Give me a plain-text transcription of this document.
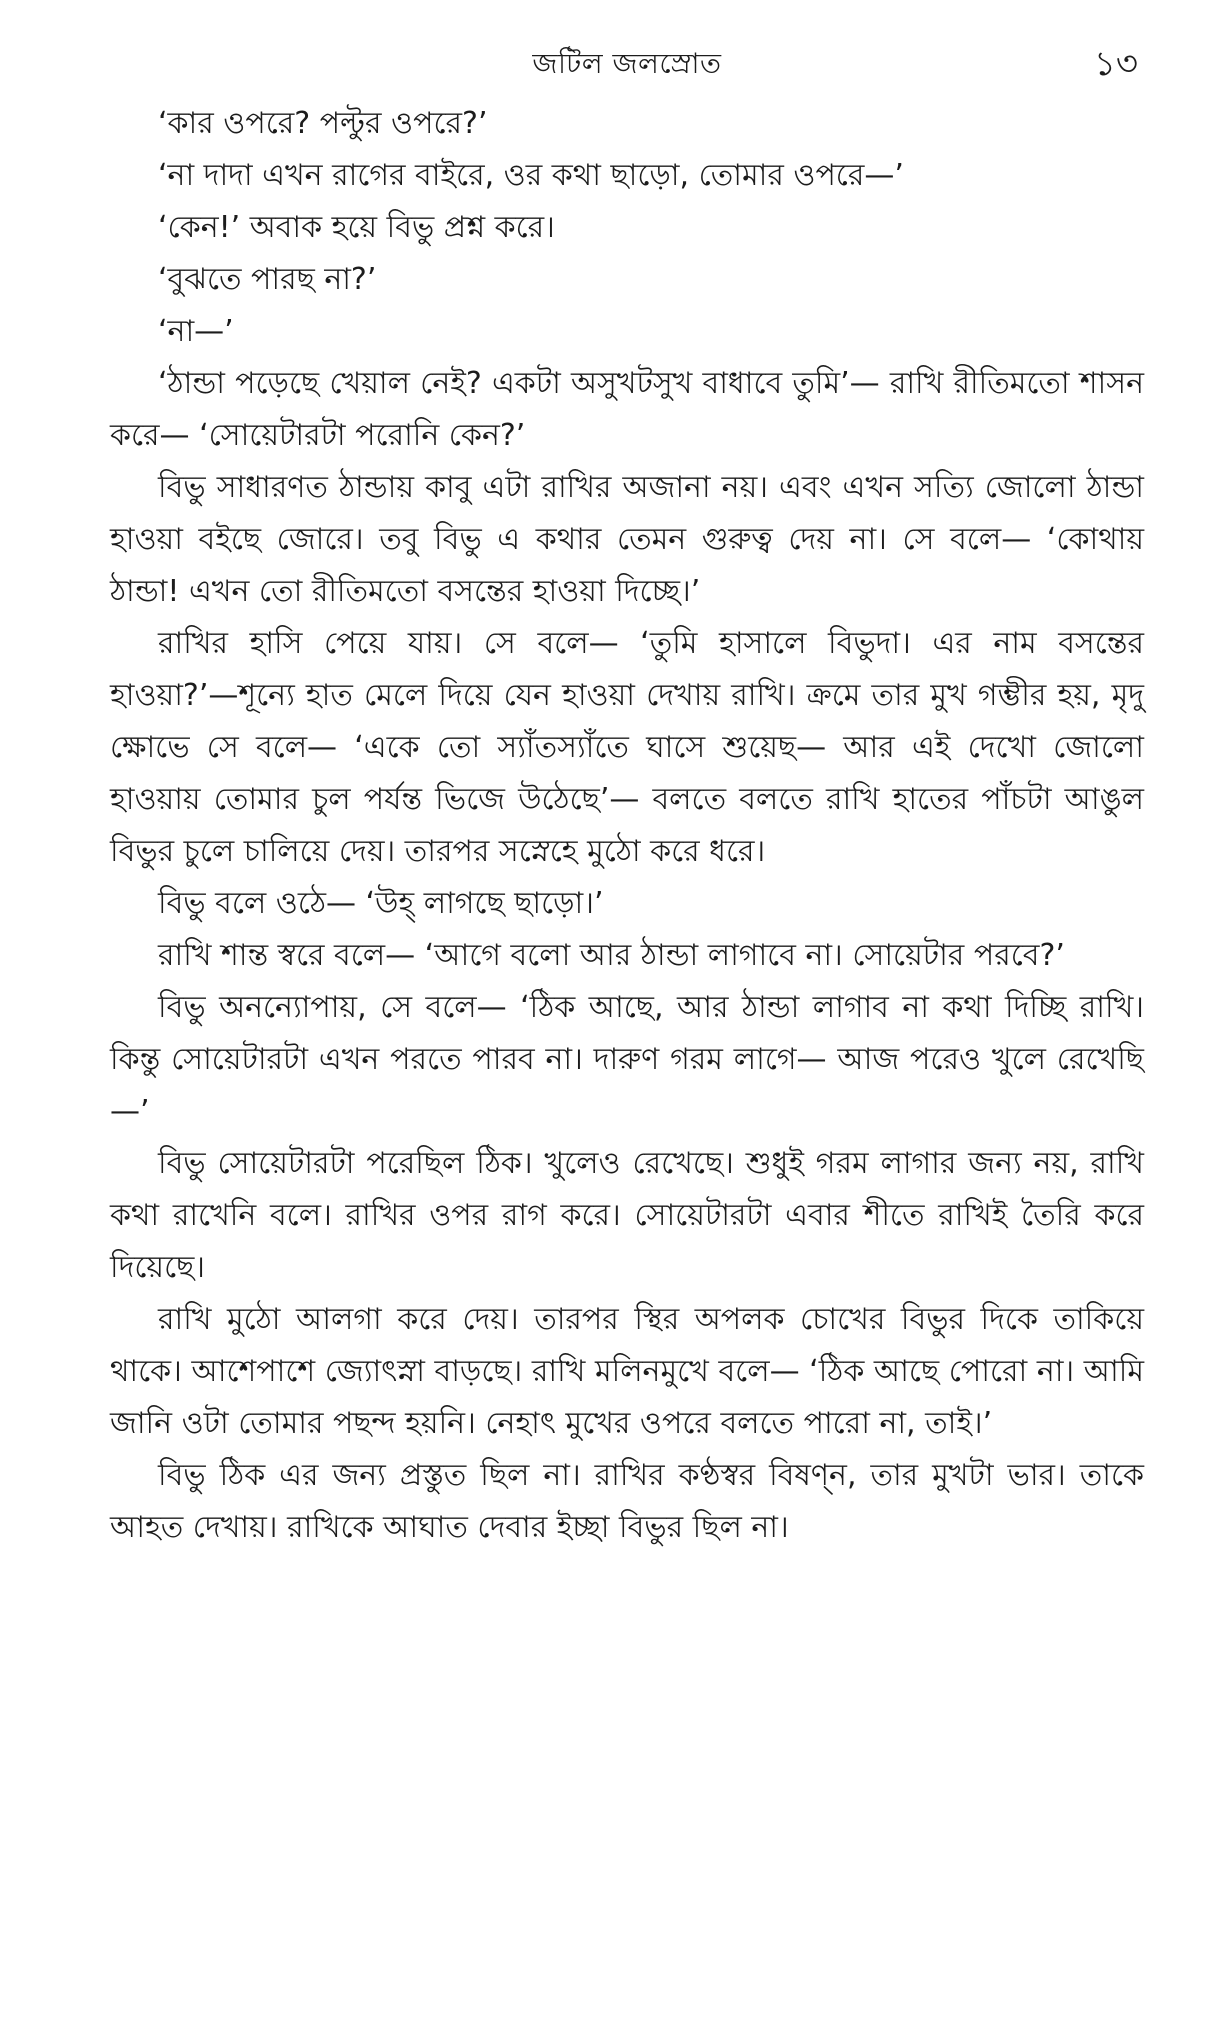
জটিল জলস্রোত	১৩

‘কার ওপরে? পল্টুর ওপরে?’

‘না দাদা এখন রাগের বাইরে, ওর কথা ছাড়ো, তোমার ওপরে—’

‘কেন!’ অবাক হয়ে বিভু প্রশ্ন করে।

‘বুঝতে পারছ না?’

‘না—’

‘ঠান্ডা পড়েছে খেয়াল নেই? একটা অসুখটসুখ বাধাবে তুমি’— রাখি রীতিমতো শাসন করে— ‘সোয়েটারটা পরোনি কেন?’

বিভু সাধারণত ঠান্ডায় কাবু এটা রাখির অজানা নয়। এবং এখন সত্যি জোলো ঠান্ডা হাওয়া বইছে জোরে। তবু বিভু এ কথার তেমন গুরুত্ব দেয় না। সে বলে— ‘কোথায় ঠান্ডা! এখন তো রীতিমতো বসন্তের হাওয়া দিচ্ছে।’

রাখির হাসি পেয়ে যায়। সে বলে— ‘তুমি হাসালে বিভুদা। এর নাম বসন্তের হাওয়া?’—শূন্যে হাত মেলে দিয়ে যেন হাওয়া দেখায় রাখি। ক্রমে তার মুখ গম্ভীর হয়, মৃদু ক্ষোভে সে বলে— ‘একে তো স্যাঁতস্যাঁতে ঘাসে শুয়েছ— আর এই দেখো জোলো হাওয়ায় তোমার চুল পর্যন্ত ভিজে উঠেছে’— বলতে বলতে রাখি হাতের পাঁচটা আঙুল বিভুর চুলে চালিয়ে দেয়। তারপর সস্নেহে মুঠো করে ধরে।

বিভু বলে ওঠে— ‘উহ্ লাগছে ছাড়ো।’

রাখি শান্ত স্বরে বলে— ‘আগে বলো আর ঠান্ডা লাগাবে না। সোয়েটার পরবে?’

বিভু অনন্যোপায়, সে বলে— ‘ঠিক আছে, আর ঠান্ডা লাগাব না কথা দিচ্ছি রাখি। কিন্তু সোয়েটারটা এখন পরতে পারব না। দারুণ গরম লাগে— আজ পরেও খুলে রেখেছি—’

বিভু সোয়েটারটা পরেছিল ঠিক। খুলেও রেখেছে। শুধুই গরম লাগার জন্য নয়, রাখি কথা রাখেনি বলে। রাখির ওপর রাগ করে। সোয়েটারটা এবার শীতে রাখিই তৈরি করে দিয়েছে।

রাখি মুঠো আলগা করে দেয়। তারপর স্থির অপলক চোখের বিভুর দিকে তাকিয়ে থাকে। আশেপাশে জ্যোৎস্না বাড়ছে। রাখি মলিনমুখে বলে— ‘ঠিক আছে পোরো না। আমি জানি ওটা তোমার পছন্দ হয়নি। নেহাৎ মুখের ওপরে বলতে পারো না, তাই।’

বিভু ঠিক এর জন্য প্রস্তুত ছিল না। রাখির কণ্ঠস্বর বিষণ্ন, তার মুখটা ভার। তাকে আহত দেখায়। রাখিকে আঘাত দেবার ইচ্ছা বিভুর ছিল না।
